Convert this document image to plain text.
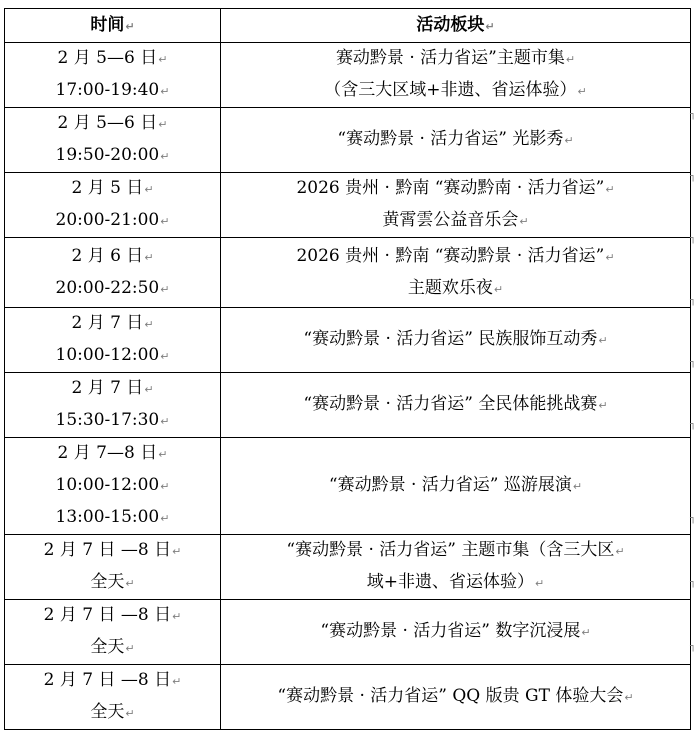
时间↵	活动板块↵

2 月 5—6 日↵
17:00-19:40↵	赛动黔景 · 活力省运”主题市集↵
（含三大区域+非遗、省运体验）↵

2 月 5—6 日↵
19:50-20:00↵	“赛动黔景 · 活力省运” 光影秀↵

2 月 5 日↵
20:00-21:00↵	2026 贵州 · 黔南 “赛动黔南 · 活力省运”↵
黄霄雲公益音乐会↵

2 月 6 日↵
20:00-22:50↵	2026 贵州 · 黔南 “赛动黔景 · 活力省运”↵
主题欢乐夜↵

2 月 7 日↵
10:00-12:00↵	“赛动黔景 · 活力省运” 民族服饰互动秀↵

2 月 7 日↵
15:30-17:30↵	“赛动黔景 · 活力省运” 全民体能挑战赛↵

2 月 7—8 日↵
10:00-12:00↵
13:00-15:00↵	“赛动黔景 · 活力省运” 巡游展演↵

2 月 7 日 —8 日↵
全天↵	“赛动黔景 · 活力省运” 主题市集（含三大区↵
域+非遗、省运体验）↵

2 月 7 日 —8 日↵
全天↵	“赛动黔景 · 活力省运” 数字沉浸展↵

2 月 7 日 —8 日↵
全天↵	“赛动黔景 · 活力省运” QQ 版贵 GT 体验大会↵
┐
┐
┐
┐
┐
┐
┐
┐
┐
